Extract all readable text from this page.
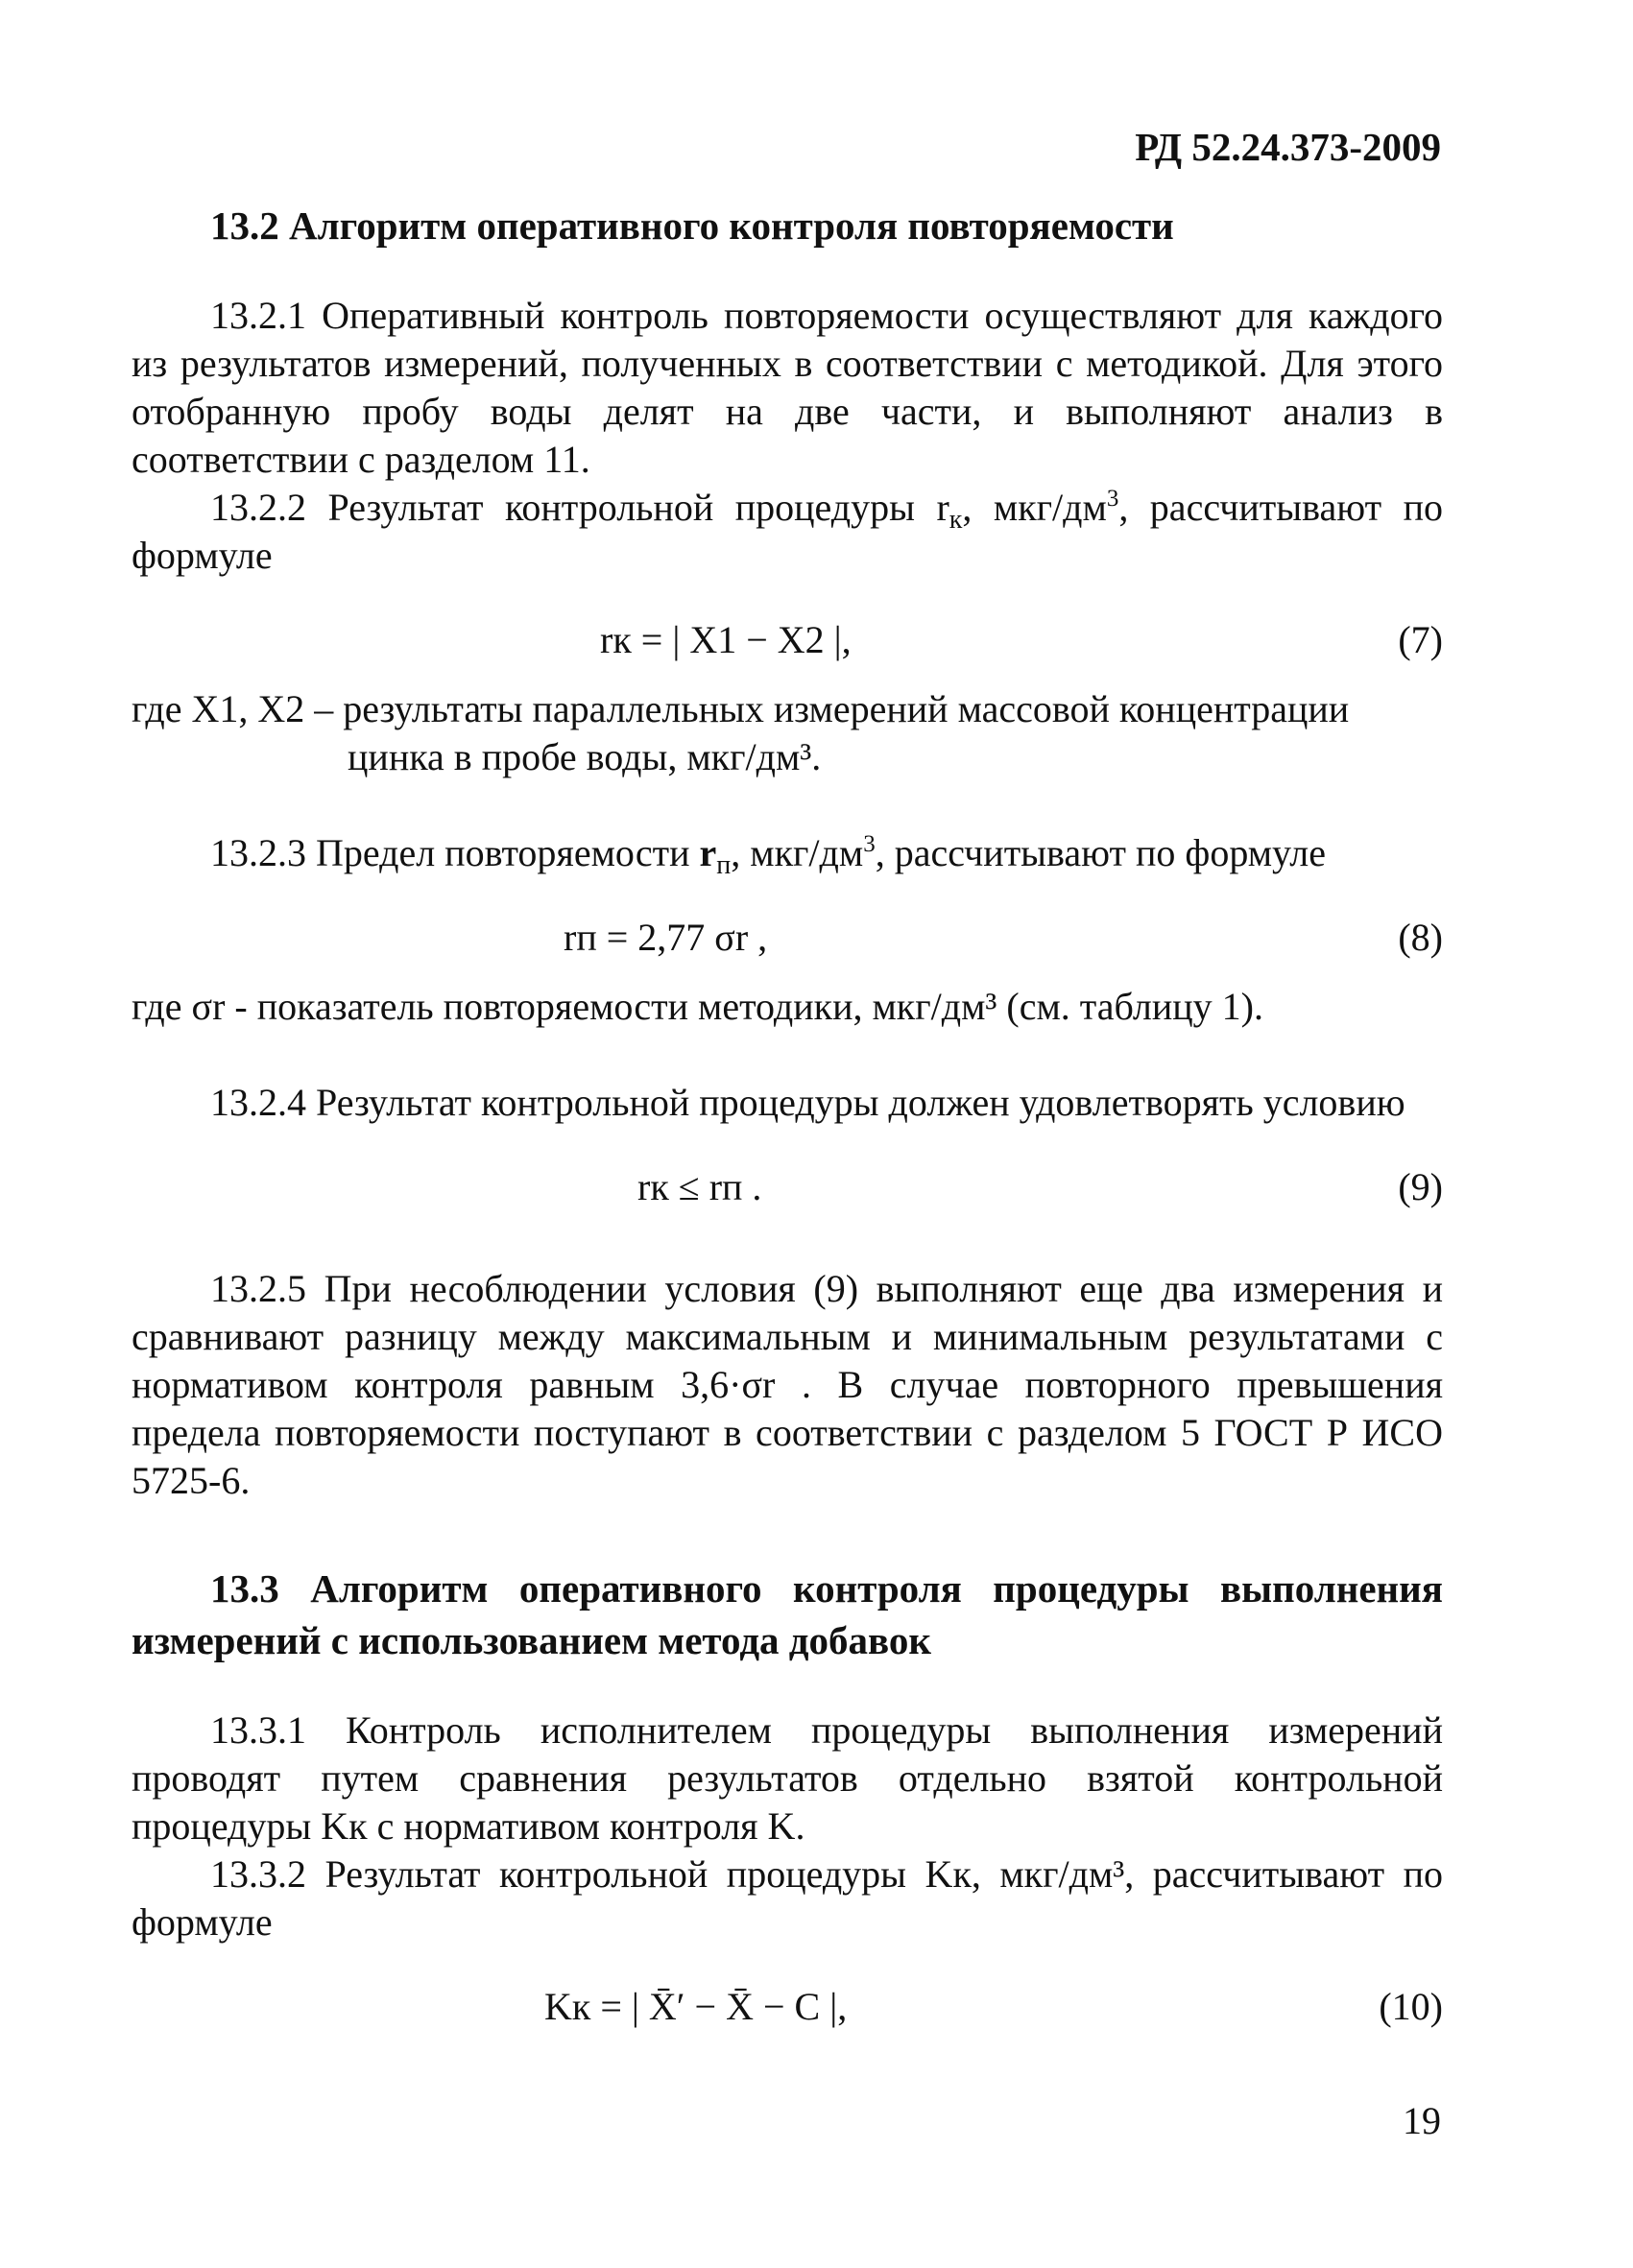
РД 52.24.373-2009
13.2 Алгоритм оперативного контроля повторяемости

13.2.1 Оперативный контроль повторяемости осуществляют для каждого из результатов измерений, полученных в соответствии с методикой. Для этого отобранную пробу воды делят на две части, и выполняют анализ в соответствии с разделом 11.

13.2.2 Результат контрольной процедуры $r_к$, мкг/$дм^3$, рассчитывают по формуле

rк = | X1 − X2 |,	(7)

где X1, X2 – результаты параллельных измерений массовой концентрации

цинка в пробе воды, мкг/дм³.

13.2.3 Предел повторяемости $r_п$, мкг/$дм^3$, рассчитывают по формуле

rп = 2,77 σr ,	(8)

где σr - показатель повторяемости методики, мкг/дм³ (см. таблицу 1).

13.2.4 Результат контрольной процедуры должен удовлетворять условию

rк ≤ rп .	(9)

13.2.5 При несоблюдении условия (9) выполняют еще два измерения и сравнивают разницу между максимальным и минимальным результатами с нормативом контроля равным 3,6·σr . В случае повторного превышения предела повторяемости поступают в соответствии с разделом 5 ГОСТ Р ИСО 5725-6.

13.3 Алгоритм оперативного контроля процедуры выполнения измерений с использованием метода добавок

13.3.1 Контроль исполнителем процедуры выполнения измерений проводят путем сравнения результатов отдельно взятой контрольной процедуры Kк с нормативом контроля K.

13.3.2 Результат контрольной процедуры Kк, мкг/дм³, рассчитывают по формуле

Kк = | X̄′ − X̄ − C |,	(10)
19
